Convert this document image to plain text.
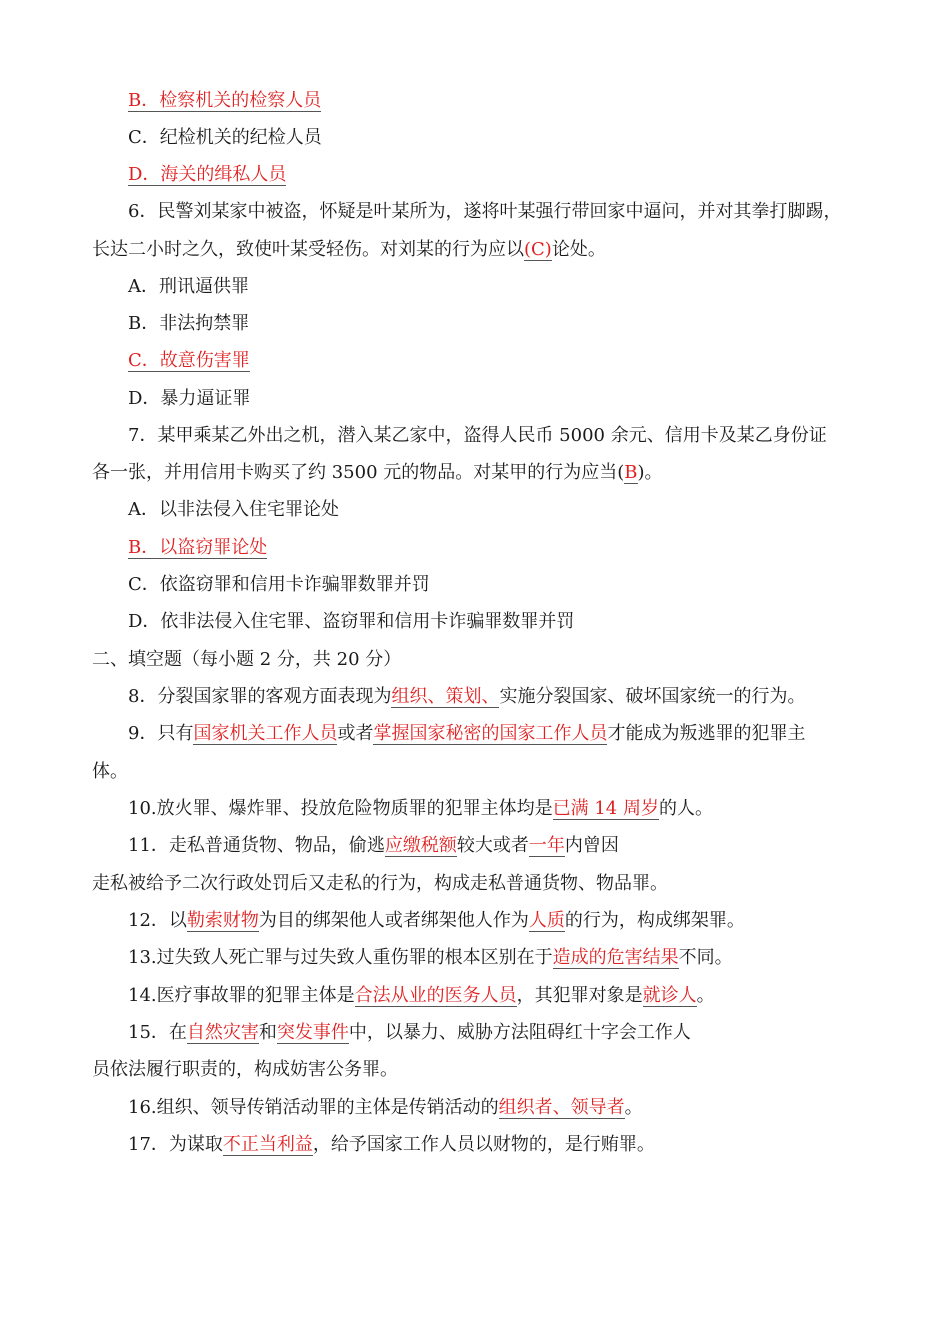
B．检察机关的检察人员
C．纪检机关的纪检人员
D．海关的缉私人员
6．民警刘某家中被盗，怀疑是叶某所为，遂将叶某强行带回家中逼问，并对其拳打脚踢，
长达二小时之久，致使叶某受轻伤。对刘某的行为应以(C)论处。
A．刑讯逼供罪
B．非法拘禁罪
C．故意伤害罪
D．暴力逼证罪
7．某甲乘某乙外出之机，潜入某乙家中，盗得人民币 5000 余元、信用卡及某乙身份证
各一张，并用信用卡购买了约 3500 元的物品。对某甲的行为应当(B)。
A．以非法侵入住宅罪论处
B．以盗窃罪论处
C．依盗窃罪和信用卡诈骗罪数罪并罚
D．依非法侵入住宅罪、盗窃罪和信用卡诈骗罪数罪并罚
二、填空题（每小题 2 分，共 20 分）
8．分裂国家罪的客观方面表现为组织、策划、实施分裂国家、破坏国家统一的行为。
9．只有国家机关工作人员或者掌握国家秘密的国家工作人员才能成为叛逃罪的犯罪主
体。
10.放火罪、爆炸罪、投放危险物质罪的犯罪主体均是已满 14 周岁的人。
11．走私普通货物、物品，偷逃应缴税额较大或者一年内曾因
走私被给予二次行政处罚后又走私的行为，构成走私普通货物、物品罪。
12．以勒索财物为目的绑架他人或者绑架他人作为人质的行为，构成绑架罪。
13.过失致人死亡罪与过失致人重伤罪的根本区别在于造成的危害结果不同。
14.医疗事故罪的犯罪主体是合法从业的医务人员，其犯罪对象是就诊人。
15．在自然灾害和突发事件中，以暴力、威胁方法阻碍红十字会工作人
员依法履行职责的，构成妨害公务罪。
16.组织、领导传销活动罪的主体是传销活动的组织者、领导者。
17．为谋取不正当利益，给予国家工作人员以财物的，是行贿罪。
